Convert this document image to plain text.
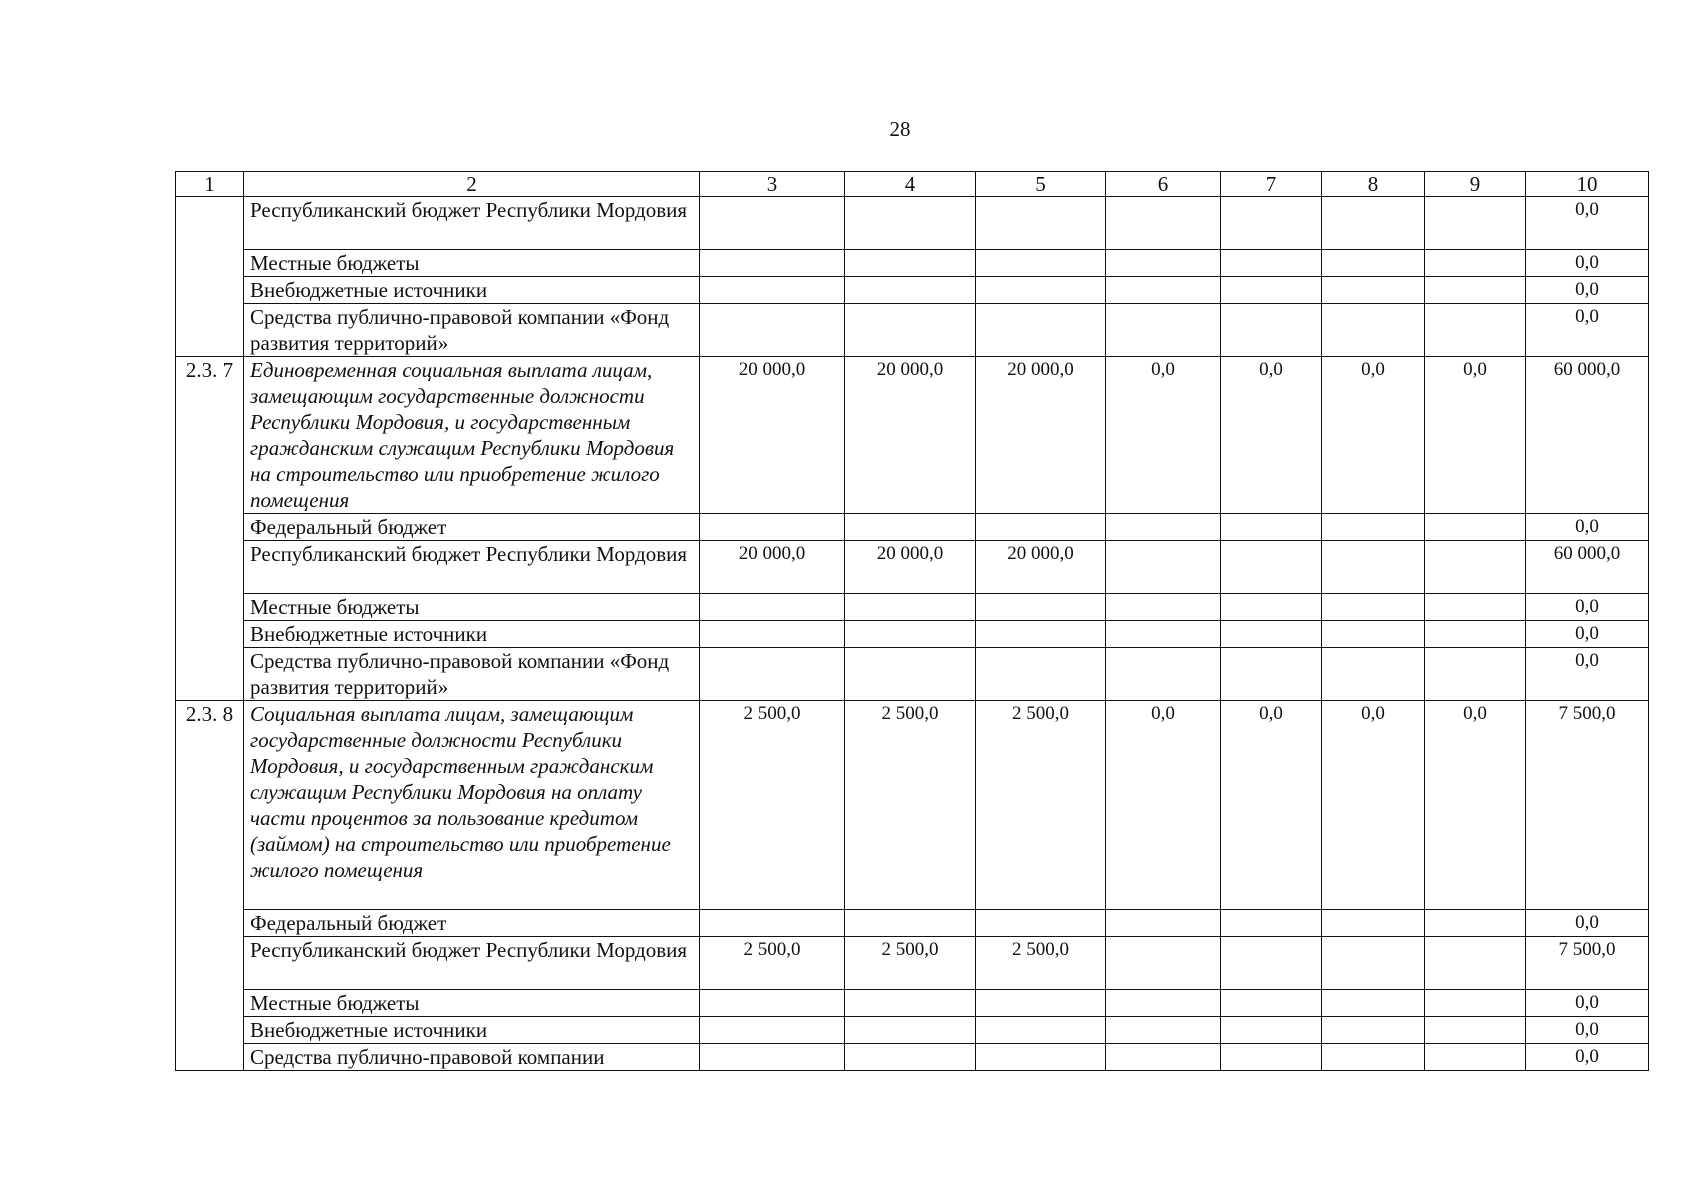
28
1	2	3	4	5	6	7	8	9	10
	Республиканский бюджет Республики Мордовия								0,0
	Местные бюджеты								0,0
	Внебюджетные источники								0,0
	Средства публично-правовой компании «Фонд развития территорий»								0,0
2.3. 7	Единовременная социальная выплата лицам, замещающим государственные должности Республики Мордовия, и государственным гражданским служащим Республики Мордовия на строительство или приобретение жилого помещения	20 000,0	20 000,0	20 000,0	0,0	0,0	0,0	0,0	60 000,0
	Федеральный бюджет								0,0
	Республиканский бюджет Республики Мордовия	20 000,0	20 000,0	20 000,0					60 000,0
	Местные бюджеты								0,0
	Внебюджетные источники								0,0
	Средства публично-правовой компании «Фонд развития территорий»								0,0
2.3. 8	Социальная выплата лицам, замещающим государственные должности Республики Мордовия, и государственным гражданским служащим Республики Мордовия на оплату части процентов за пользование кредитом (займом) на строительство или приобретение жилого помещения	2 500,0	2 500,0	2 500,0	0,0	0,0	0,0	0,0	7 500,0
	Федеральный бюджет								0,0
	Республиканский бюджет Республики Мордовия	2 500,0	2 500,0	2 500,0					7 500,0
	Местные бюджеты								0,0
	Внебюджетные источники								0,0
	Средства публично-правовой компании								0,0
